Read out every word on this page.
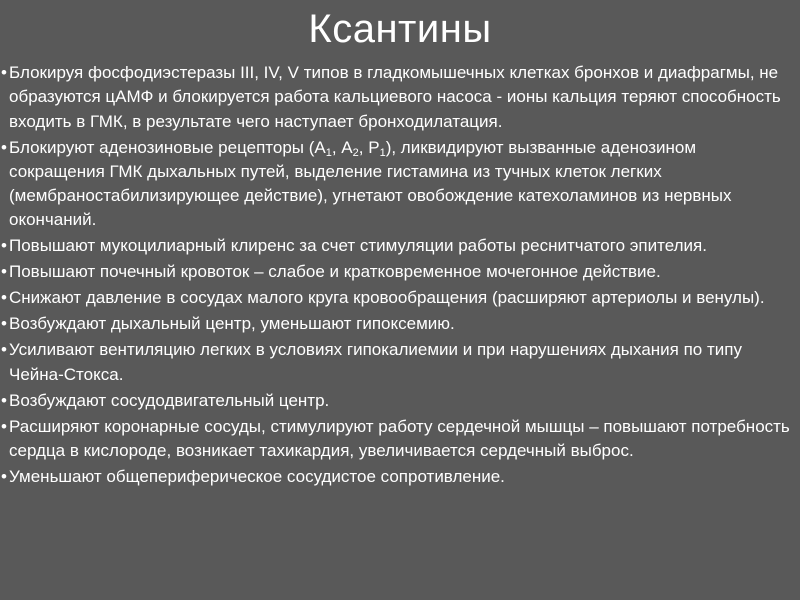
Ксантины
• Блокируя фосфодиэстеразы III, IV, V типов в гладкомышечных клетках бронхов и диафрагмы, не образуются цАМФ и блокируется работа кальциевого насоса - ионы кальция теряют способность входить в ГМК, в результате чего наступает бронходилатация.
• Блокируют аденозиновые рецепторы ($А_1$, $А_2$, $Р_1$), ликвидируют вызванные аденозином сокращения ГМК дыхальных путей, выделение гистамина из тучных клеток легких (мембраностабилизирующее действие), угнетают овобождение катехоламинов из нервных окончаний.
• Повышают мукоцилиарный клиренс за счет стимуляции работы реснитчатого эпителия.
• Повышают почечный кровоток – слабое и кратковременное мочегонное действие.
• Снижают давление в сосудах малого круга кровообращения (расширяют артериолы и венулы).
• Возбуждают дыхальный центр, уменьшают гипоксемию.
• Усиливают вентиляцию легких в условиях гипокалиемии и при нарушениях дыхания по типу Чейна-Стокса.
• Возбуждают сосудодвигательный центр.
• Расширяют коронарные сосуды, стимулируют работу сердечной мышцы – повышают потребность сердца в кислороде, возникает тахикардия, увеличивается сердечный выброс.
• Уменьшают общепериферическое сосудистое сопротивление.
